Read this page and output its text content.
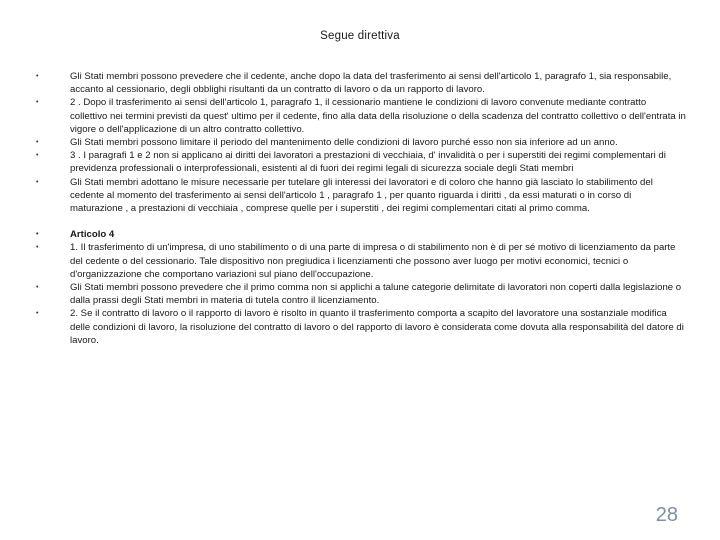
Segue direttiva
• Gli Stati membri possono prevedere che il cedente, anche dopo la data del trasferimento ai sensi dell'articolo 1, paragrafo 1, sia responsabile, accanto al cessionario, degli obblighi risultanti da un contratto di lavoro o da un rapporto di lavoro.
• 2 . Dopo il trasferimento ai sensi dell'articolo 1, paragrafo 1, il cessionario mantiene le condizioni di lavoro convenute mediante contratto collettivo nei termini previsti da quest' ultimo per il cedente, fino alla data della risoluzione o della scadenza del contratto collettivo o dell'entrata in vigore o dell'applicazione di un altro contratto collettivo.
• Gli Stati membri possono limitare il periodo del mantenimento delle condizioni di lavoro purché esso non sia inferiore ad un anno.
• 3 . I paragrafi 1 e 2 non si applicano ai diritti dei lavoratori a prestazioni di vecchiaia, d' invalidità o per i superstiti dei regimi complementari di previdenza professionali o interprofessionali, esistenti al di fuori dei regimi legali di sicurezza sociale degli Stati membri
• Gli Stati membri adottano le misure necessarie per tutelare gli interessi dei lavoratori e di coloro che hanno già lasciato lo stabilimento del cedente al momento del trasferimento ai sensi dell'articolo 1 , paragrafo 1 , per quanto riguarda i diritti , da essi maturati o in corso di maturazione , a prestazioni di vecchiaia , comprese quelle per i superstiti , dei regimi complementari citati al primo comma.
• Articolo 4
• 1. Il trasferimento di un'impresa, di uno stabilimento o di una parte di impresa o di stabilimento non è di per sé motivo di licenziamento da parte del cedente o del cessionario. Tale dispositivo non pregiudica i licenziamenti che possono aver luogo per motivi economici, tecnici o d'organizzazione che comportano variazioni sul piano dell'occupazione.
• Gli Stati membri possono prevedere che il primo comma non si applichi a talune categorie delimitate di lavoratori non coperti dalla legislazione o dalla prassi degli Stati membri in materia di tutela contro il licenziamento.
• 2. Se il contratto di lavoro o il rapporto di lavoro è risolto in quanto il trasferimento comporta a scapito del lavoratore una sostanziale modifica delle condizioni di lavoro, la risoluzione del contratto di lavoro o del rapporto di lavoro è considerata come dovuta alla responsabilità del datore di lavoro.
28
